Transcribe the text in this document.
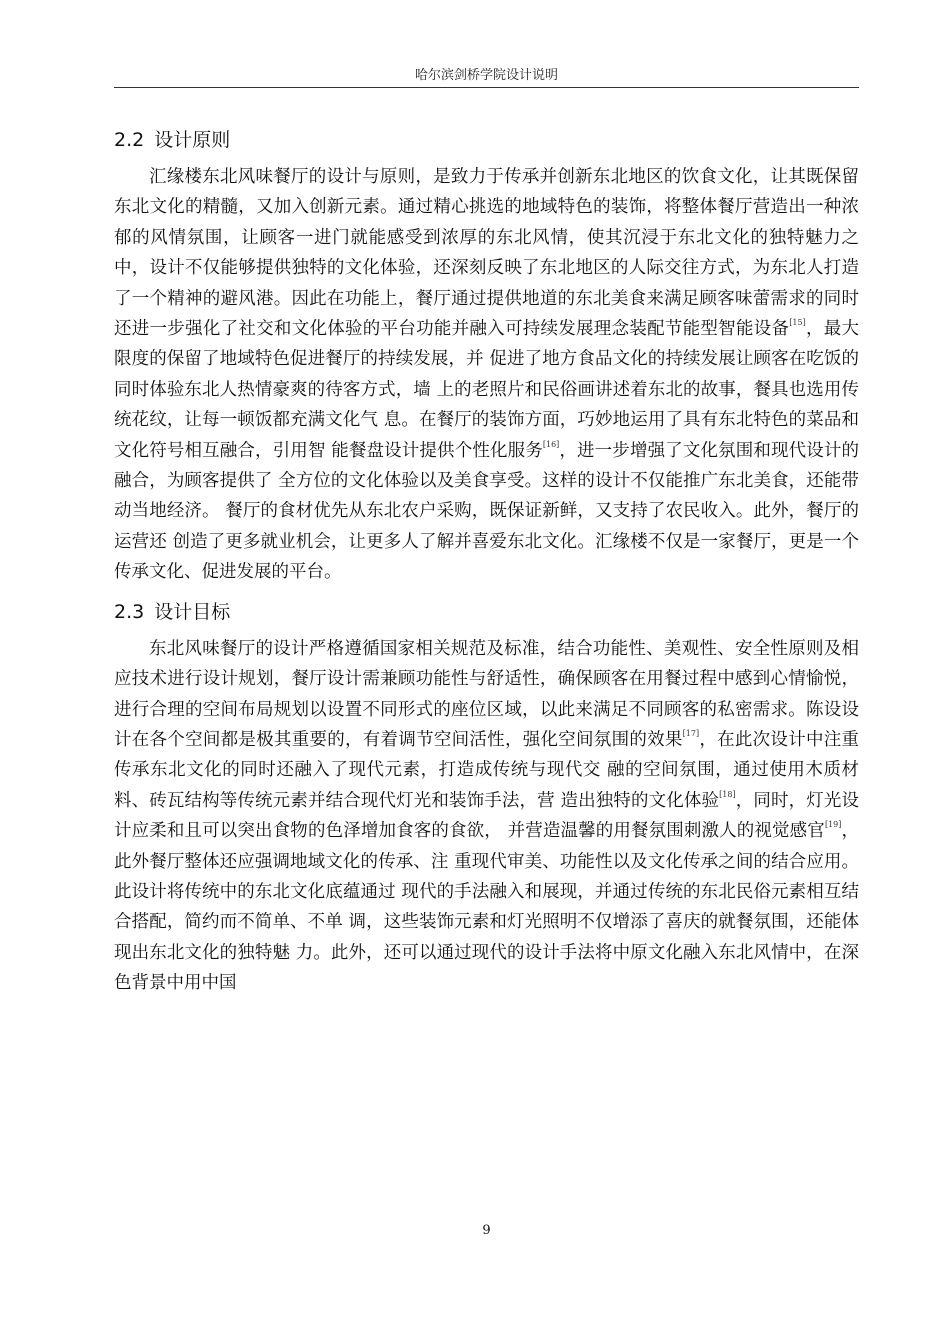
哈尔滨剑桥学院设计说明
2.2 设计原则

汇缘楼东北风味餐厅的设计与原则，是致力于传承并创新东北地区的饮食文化，让其既保留东北文化的精髓，又加入创新元素。通过精心挑选的地域特色的装饰，将整体餐厅营造出一种浓郁的风情氛围，让顾客一进门就能感受到浓厚的东北风情，使其沉浸于东北文化的独特魅力之中，设计不仅能够提供独特的文化体验，还深刻反映了东北地区的人际交往方式，为东北人打造了一个精神的避风港。因此在功能上，餐厅通过提供地道的东北美食来满足顾客味蕾需求的同时还进一步强化了社交和文化体验的平台功能并融入可持续发展理念装配节能型智能设备[15]，最大限度的保留了地域特色促进餐厅的持续发展，并 促进了地方食品文化的持续发展让顾客在吃饭的同时体验东北人热情豪爽的待客方式，墙 上的老照片和民俗画讲述着东北的故事，餐具也选用传统花纹，让每一顿饭都充满文化气 息。在餐厅的装饰方面，巧妙地运用了具有东北特色的菜品和文化符号相互融合，引用智 能餐盘设计提供个性化服务[16]，进一步增强了文化氛围和现代设计的融合，为顾客提供了 全方位的文化体验以及美食享受。这样的设计不仅能推广东北美食，还能带动当地经济。 餐厅的食材优先从东北农户采购，既保证新鲜，又支持了农民收入。此外，餐厅的运营还 创造了更多就业机会，让更多人了解并喜爱东北文化。汇缘楼不仅是一家餐厅，更是一个 传承文化、促进发展的平台。

2.3 设计目标

东北风味餐厅的设计严格遵循国家相关规范及标准，结合功能性、美观性、安全性原则及相应技术进行设计规划，餐厅设计需兼顾功能性与舒适性，确保顾客在用餐过程中感到心情愉悦，进行合理的空间布局规划以设置不同形式的座位区域，以此来满足不同顾客的私密需求。陈设设计在各个空间都是极其重要的，有着调节空间活性，强化空间氛围的效果[17]，在此次设计中注重传承东北文化的同时还融入了现代元素，打造成传统与现代交 融的空间氛围，通过使用木质材料、砖瓦结构等传统元素并结合现代灯光和装饰手法，营 造出独特的文化体验[18]，同时，灯光设计应柔和且可以突出食物的色泽增加食客的食欲， 并营造温馨的用餐氛围刺激人的视觉感官[19]，此外餐厅整体还应强调地域文化的传承、注 重现代审美、功能性以及文化传承之间的结合应用。此设计将传统中的东北文化底蕴通过 现代的手法融入和展现，并通过传统的东北民俗元素相互结合搭配，简约而不简单、不单 调，这些装饰元素和灯光照明不仅增添了喜庆的就餐氛围，还能体现出东北文化的独特魅 力。此外，还可以通过现代的设计手法将中原文化融入东北风情中，在深色背景中用中国

9
